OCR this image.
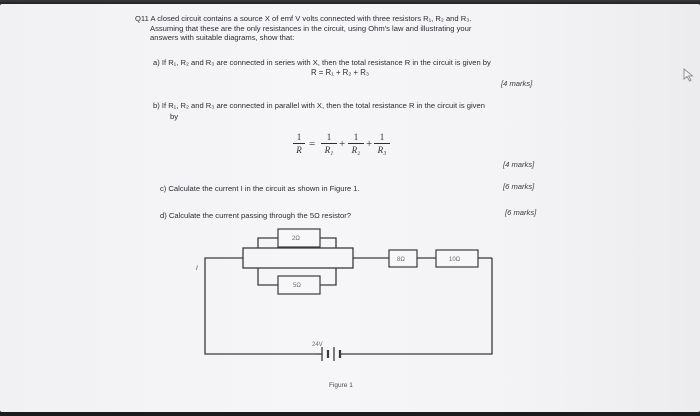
Q11 A closed circuit contains a source X of emf V volts connected with three resistors R₁, R₂ and R₃.
Assuming that these are the only resistances in the circuit, using Ohm's law and illustrating your
answers with suitable diagrams, show that:
a) If R₁, R₂ and R₃ are connected in series with X, then the total resistance R in the circuit is given by
R = R₁ + R₂ + R₃
[4 marks]
b) If R₁, R₂ and R₃ are connected in parallel with X, then the total resistance R in the circuit is given
by
1
R =
1
R₁ +
1
R₂ +
1
R₃
[4 marks]
c) Calculate the current I in the circuit as shown in Figure 1.	[6 marks]
d) Calculate the current passing through the 5Ω resistor?	[6 marks]
2Ω
5Ω
8Ω	10Ω
I
24V
Figure 1
